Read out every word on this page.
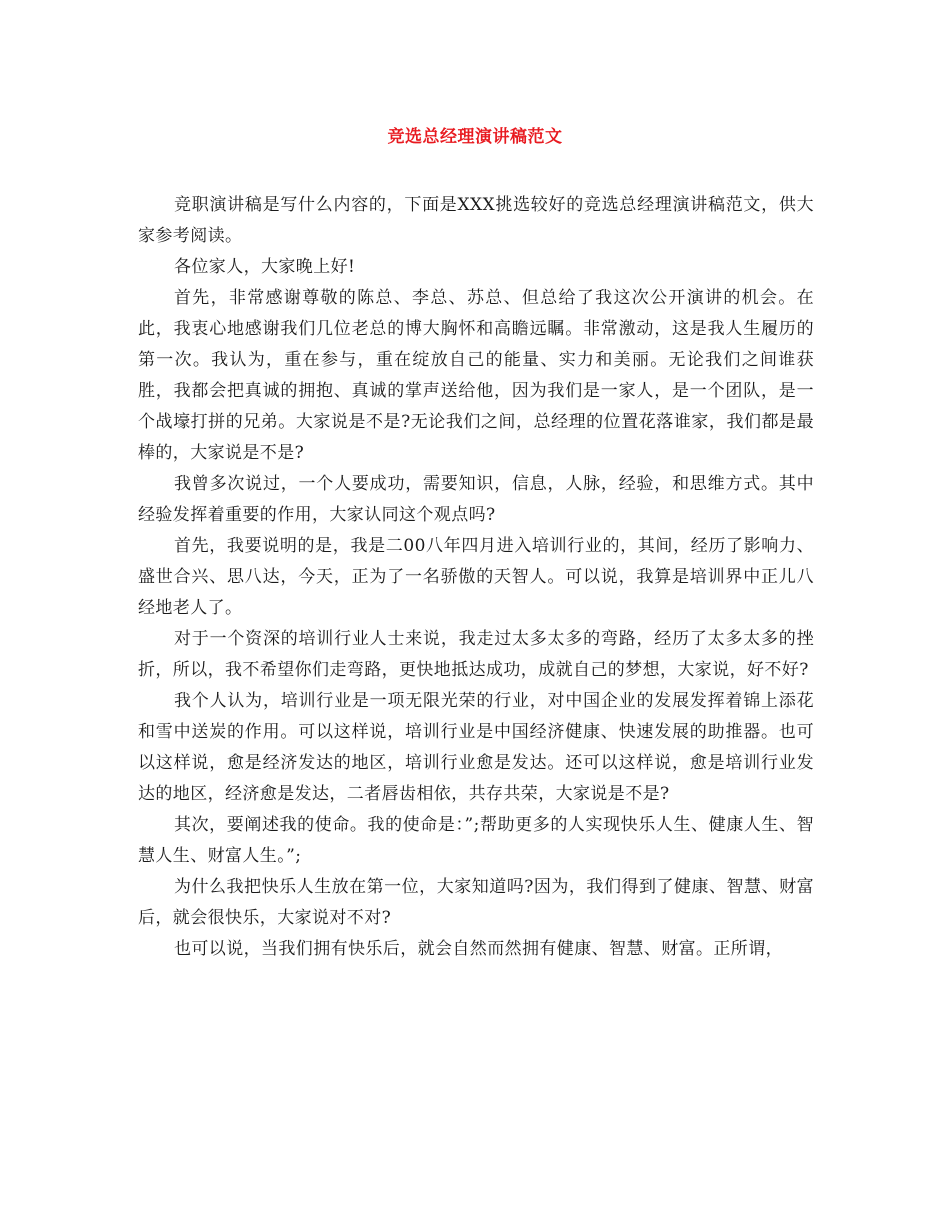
竞选总经理演讲稿范文

竞职演讲稿是写什么内容的，下面是XXX挑选较好的竞选总经理演讲稿范文，供大家参考阅读。

各位家人，大家晚上好!

首先，非常感谢尊敬的陈总、李总、苏总、但总给了我这次公开演讲的机会。在此，我衷心地感谢我们几位老总的博大胸怀和高瞻远瞩。非常激动，这是我人生履历的第一次。我认为，重在参与，重在绽放自己的能量、实力和美丽。无论我们之间谁获胜，我都会把真诚的拥抱、真诚的掌声送给他，因为我们是一家人，是一个团队，是一个战壕打拼的兄弟。大家说是不是?无论我们之间，总经理的位置花落谁家，我们都是最棒的，大家说是不是?

我曾多次说过，一个人要成功，需要知识，信息，人脉，经验，和思维方式。其中经验发挥着重要的作用，大家认同这个观点吗?

首先，我要说明的是，我是二00八年四月进入培训行业的，其间，经历了影响力、盛世合兴、思八达，今天，正为了一名骄傲的天智人。可以说，我算是培训界中正儿八经地老人了。

对于一个资深的培训行业人士来说，我走过太多太多的弯路，经历了太多太多的挫折，所以，我不希望你们走弯路，更快地抵达成功，成就自己的梦想，大家说，好不好?

我个人认为，培训行业是一项无限光荣的行业，对中国企业的发展发挥着锦上添花和雪中送炭的作用。可以这样说，培训行业是中国经济健康、快速发展的助推器。也可以这样说，愈是经济发达的地区，培训行业愈是发达。还可以这样说，愈是培训行业发达的地区，经济愈是发达，二者唇齿相依，共存共荣，大家说是不是?

其次，要阐述我的使命。我的使命是：”;帮助更多的人实现快乐人生、健康人生、智慧人生、财富人生。”;

为什么我把快乐人生放在第一位，大家知道吗?因为，我们得到了健康、智慧、财富后，就会很快乐，大家说对不对?

也可以说，当我们拥有快乐后，就会自然而然拥有健康、智慧、财富。正所谓，
